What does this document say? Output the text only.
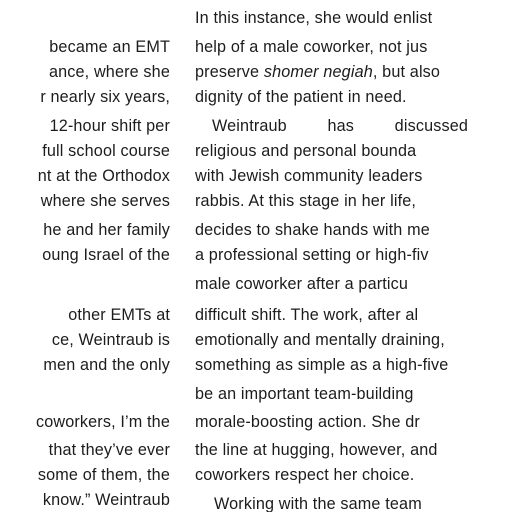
became an EMT
ance, where she
r nearly six years,
12-hour shift per
full school course
nt at the Orthodox
where she serves
he and her family
oung Israel of the
other EMTs at
ce, Weintraub is
men and the only
coworkers, I’m the
that they’ve ever
some of them, the
know.” Weintraub
In this instance, she would enlist
help of a male coworker, not jus
preserve shomer negiah, but also
dignity of the patient in need.
Weintraub has discussed
religious and personal bounda
with Jewish community leaders
rabbis. At this stage in her life,
decides to shake hands with me
a professional setting or high-fiv
male coworker after a particu
difficult shift. The work, after al
emotionally and mentally draining,
something as simple as a high-five
be an important team-building
morale-boosting action. She dr
the line at hugging, however, and
coworkers respect her choice.
Working with the same team
